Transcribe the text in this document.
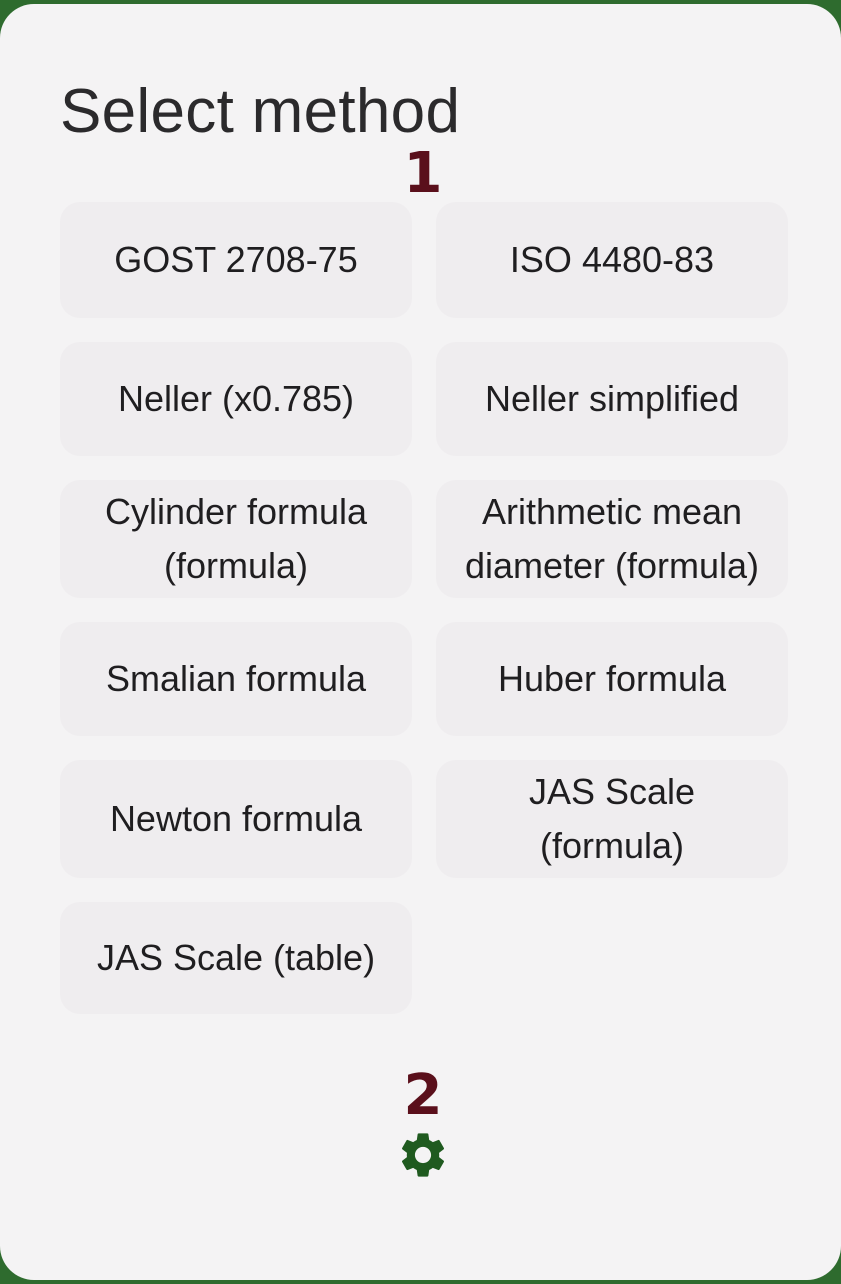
Select method
1
GOST 2708-75	ISO 4480-83
Neller (x0.785)	Neller simplified
Cylinder formula
(formula)
Arithmetic mean
diameter (formula)
Smalian formula	Huber formula
Newton formula
JAS Scale
(formula)
JAS Scale (table)
2
